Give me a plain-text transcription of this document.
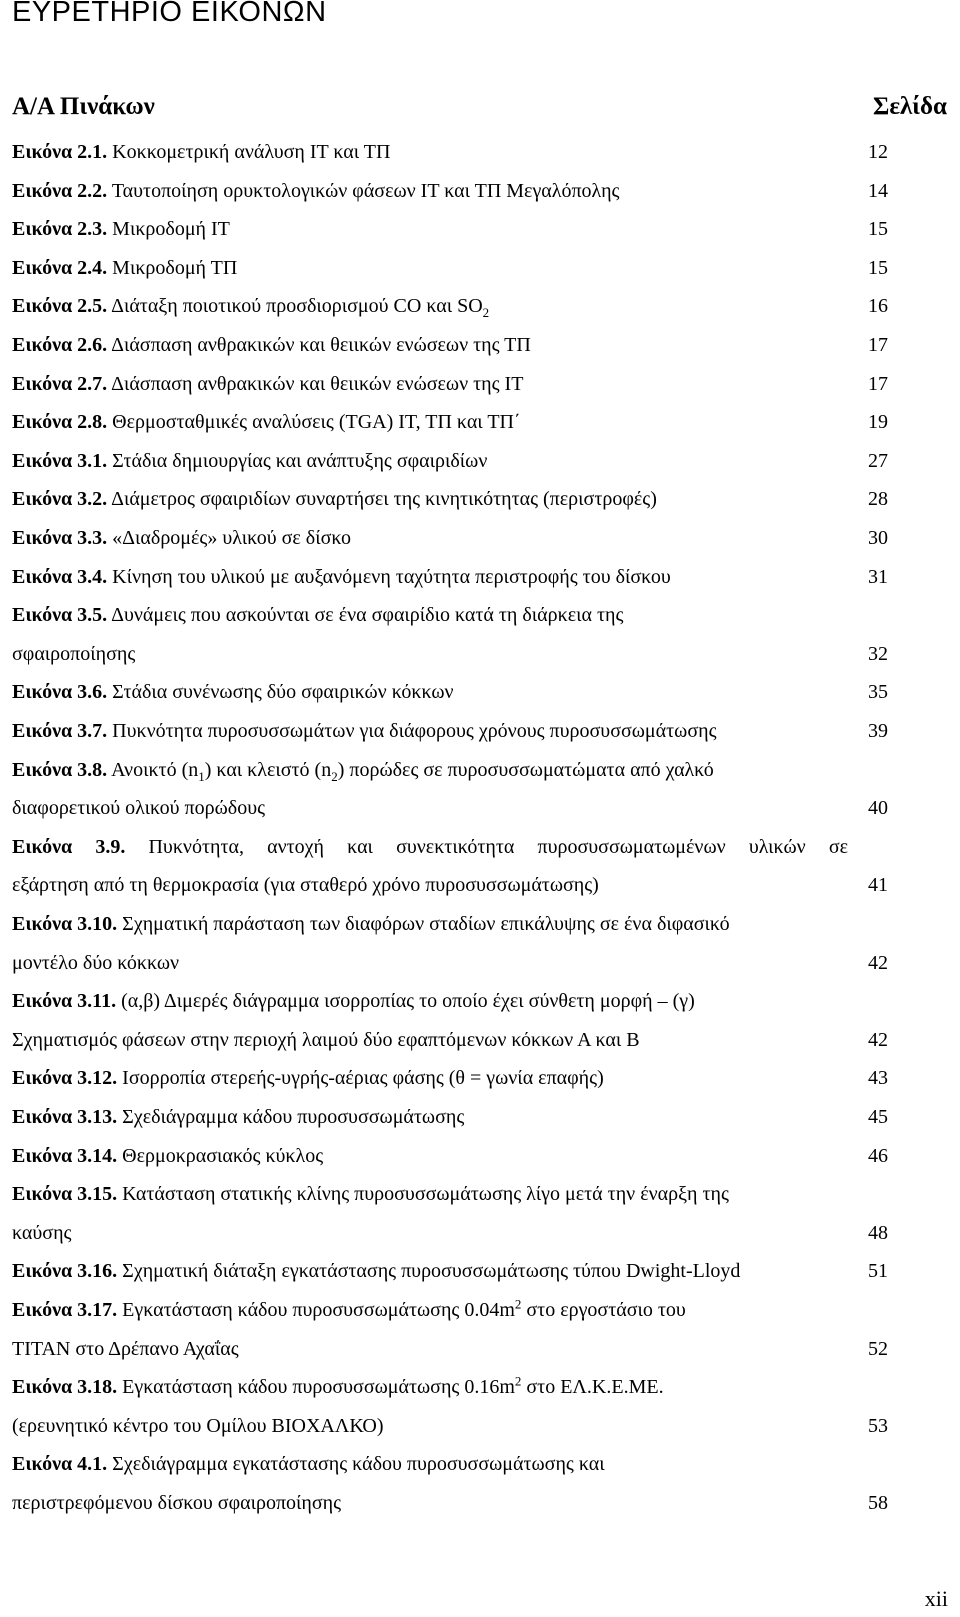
ΕΥΡΕΤΗΡΙΟ ΕΙΚΟΝΩΝ
Α/Α Πινάκων	Σελίδα
Εικόνα 2.1. Κοκκομετρική ανάλυση ΙΤ και ΤΠ	12
Εικόνα 2.2. Ταυτοποίηση ορυκτολογικών φάσεων ΙΤ και ΤΠ Μεγαλόπολης	14
Εικόνα 2.3. Μικροδομή ΙΤ	15
Εικόνα 2.4. Μικροδομή ΤΠ	15
Εικόνα 2.5. Διάταξη ποιοτικού προσδιορισμού CO και $SO_2$	16
Εικόνα 2.6. Διάσπαση ανθρακικών και θειικών ενώσεων της ΤΠ	17
Εικόνα 2.7. Διάσπαση ανθρακικών και θειικών ενώσεων της ΙΤ	17
Εικόνα 2.8. Θερμοσταθμικές αναλύσεις (TGA) ΙΤ, ΤΠ και ΤΠ΄	19
Εικόνα 3.1. Στάδια δημιουργίας και ανάπτυξης σφαιριδίων	27
Εικόνα 3.2. Διάμετρος σφαιριδίων συναρτήσει της κινητικότητας (περιστροφές)	28
Εικόνα 3.3. «Διαδρομές» υλικού σε δίσκο	30
Εικόνα 3.4. Κίνηση του υλικού με αυξανόμενη ταχύτητα περιστροφής του δίσκου	31
Εικόνα 3.5. Δυνάμεις που ασκούνται σε ένα σφαιρίδιο κατά τη διάρκεια της
σφαιροποίησης	32
Εικόνα 3.6. Στάδια συνένωσης δύο σφαιρικών κόκκων	35
Εικόνα 3.7. Πυκνότητα πυροσυσσωμάτων για διάφορους χρόνους πυροσυσσωμάτωσης	39
Εικόνα 3.8. Ανοικτό $(n_1)$ και κλειστό $(n_2)$ πορώδες σε πυροσυσσωματώματα από χαλκό
διαφορετικού ολικού πορώδους	40
Εικόνα 3.9. Πυκνότητα, αντοχή και συνεκτικότητα πυροσυσσωματωμένων υλικών σε
εξάρτηση από τη θερμοκρασία (για σταθερό χρόνο πυροσυσσωμάτωσης)	41
Εικόνα 3.10. Σχηματική παράσταση των διαφόρων σταδίων επικάλυψης σε ένα διφασικό
μοντέλο δύο κόκκων	42
Εικόνα 3.11. (α,β) Διμερές διάγραμμα ισορροπίας το οποίο έχει σύνθετη μορφή – (γ)
Σχηματισμός φάσεων στην περιοχή λαιμού δύο εφαπτόμενων κόκκων Α και Β	42
Εικόνα 3.12. Ισορροπία στερεής-υγρής-αέριας φάσης (θ = γωνία επαφής)	43
Εικόνα 3.13. Σχεδιάγραμμα κάδου πυροσυσσωμάτωσης	45
Εικόνα 3.14. Θερμοκρασιακός κύκλος	46
Εικόνα 3.15. Κατάσταση στατικής κλίνης πυροσυσσωμάτωσης λίγο μετά την έναρξη της
καύσης	48
Εικόνα 3.16. Σχηματική διάταξη εγκατάστασης πυροσυσσωμάτωσης τύπου Dwight-Lloyd	51
Εικόνα 3.17. Εγκατάσταση κάδου πυροσυσσωμάτωσης $0.04m^2$ στο εργοστάσιο του
ΤΙΤΑΝ στο Δρέπανο Αχαΐας	52
Εικόνα 3.18. Εγκατάσταση κάδου πυροσυσσωμάτωσης $0.16m^2$ στο ΕΛ.Κ.Ε.ΜΕ.
(ερευνητικό κέντρο του Ομίλου ΒΙΟΧΑΛΚΟ)	53
Εικόνα 4.1. Σχεδιάγραμμα εγκατάστασης κάδου πυροσυσσωμάτωσης και
περιστρεφόμενου δίσκου σφαιροποίησης	58
xii
